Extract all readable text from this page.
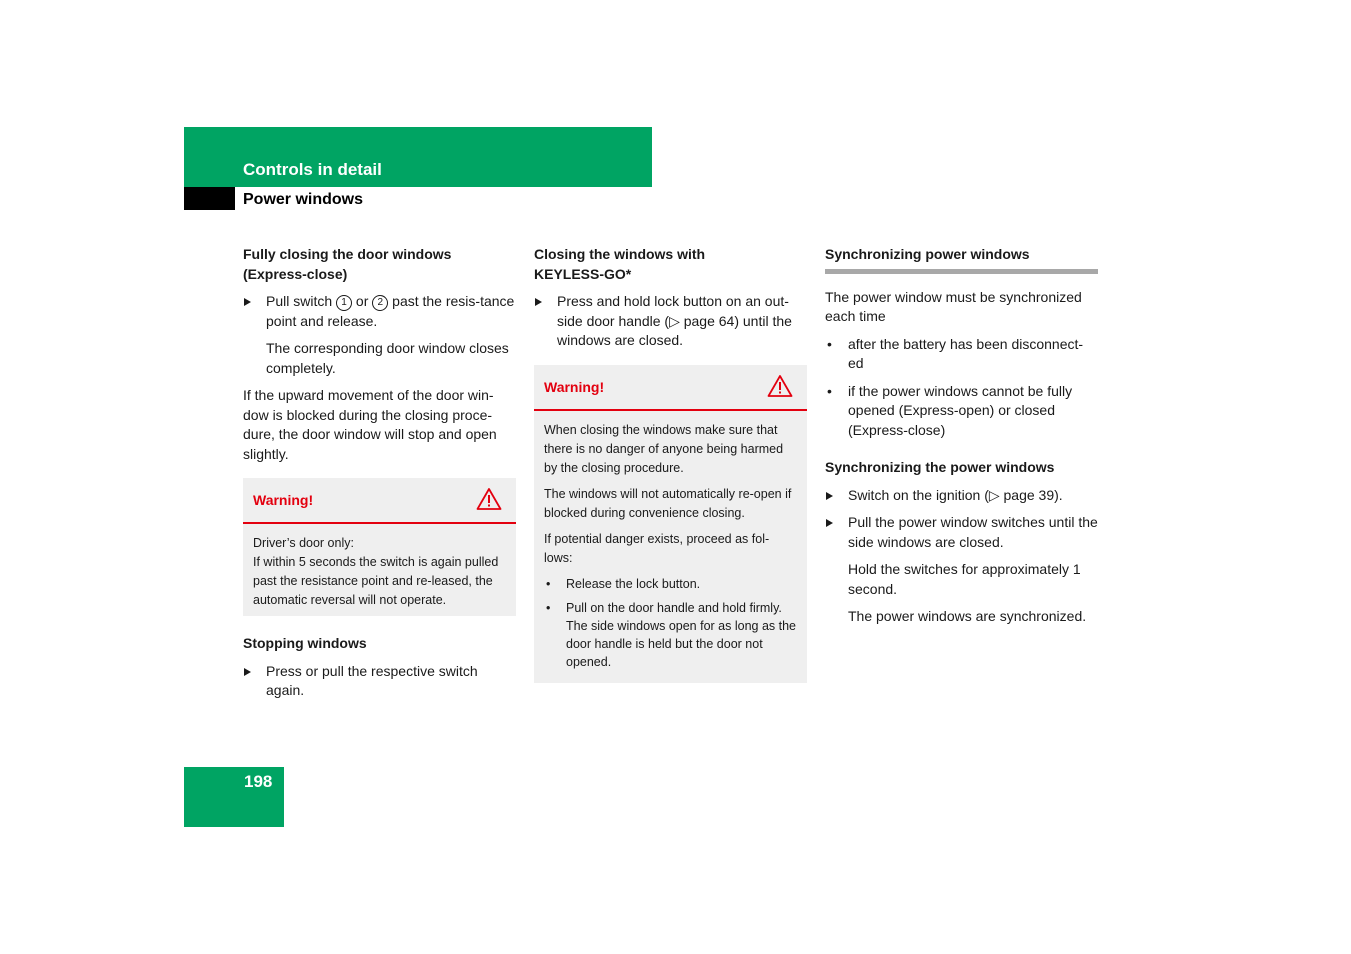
Controls in detail
Power windows
Fully closing the door windows
(Express-close)
Pull switch 1 or 2 past the resis-tance point and release.

The corresponding door window closes completely.

If the upward movement of the door win-dow is blocked during the closing proce-dure, the door window will stop and open slightly.

Warning!
Driver’s door only:
If within 5 seconds the switch is again pulled past the resistance point and re-leased, the automatic reversal will not operate.
Stopping windows
Press or pull the respective switch again.
Closing the windows with
KEYLESS-GO*
Press and hold lock button on an out-side door handle (▷ page 64) until the windows are closed.
Warning!

When closing the windows make sure that there is no danger of anyone being harmed by the closing procedure.

The windows will not automatically re-open if blocked during convenience closing.

If potential danger exists, proceed as fol-lows:

• Release the lock button.
• Pull on the door handle and hold firmly. The side windows open for as long as the door handle is held but the door not opened.
Synchronizing power windows

The power window must be synchronized each time

• after the battery has been disconnect-ed
• if the power windows cannot be fully opened (Express-open) or closed (Express-close)
Synchronizing the power windows
Switch on the ignition (▷ page 39).
Pull the power window switches until the side windows are closed.

Hold the switches for approximately 1 second.

The power windows are synchronized.

198
